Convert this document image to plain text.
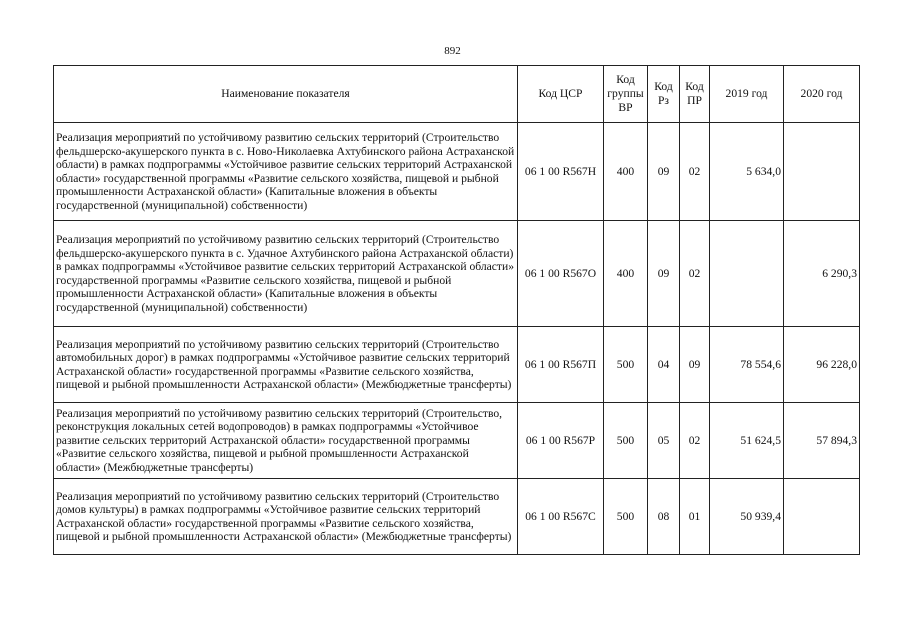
892
Наименование показателя	Код ЦСР	Код группы ВР	Код Рз	Код ПР	2019 год	2020 год
Реализация мероприятий по устойчивому развитию сельских территорий (Строительство фельдшерско-акушерского пункта в с. Ново-Николаевка Ахтубинского района Астраханской области) в рамках подпрограммы «Устойчивое развитие сельских территорий Астраханской области» государственной программы «Развитие сельского хозяйства, пищевой и рыбной промышленности Астраханской области» (Капитальные вложения в объекты государственной (муниципальной) собственности)	06 1 00 R567Н	400	09	02	5 634,0	
Реализация мероприятий по устойчивому развитию сельских территорий (Строительство фельдшерско-акушерского пункта в с. Удачное Ахтубинского района Астраханской области) в рамках подпрограммы «Устойчивое развитие сельских территорий Астраханской области» государственной программы «Развитие сельского хозяйства, пищевой и рыбной промышленности Астраханской области» (Капитальные вложения в объекты государственной (муниципальной) собственности)	06 1 00 R567О	400	09	02		6 290,3
Реализация мероприятий по устойчивому развитию сельских территорий (Строительство автомобильных дорог) в рамках подпрограммы «Устойчивое развитие сельских территорий Астраханской области» государственной программы «Развитие сельского хозяйства, пищевой и рыбной промышленности Астраханской области» (Межбюджетные трансферты)	06 1 00 R567П	500	04	09	78 554,6	96 228,0
Реализация мероприятий по устойчивому развитию сельских территорий (Строительство, реконструкция локальных сетей водопроводов) в рамках подпрограммы «Устойчивое развитие сельских территорий Астраханской области» государственной программы «Развитие сельского хозяйства, пищевой и рыбной промышленности Астраханской области» (Межбюджетные трансферты)	06 1 00 R567Р	500	05	02	51 624,5	57 894,3
Реализация мероприятий по устойчивому развитию сельских территорий (Строительство домов культуры) в рамках подпрограммы «Устойчивое развитие сельских территорий Астраханской области» государственной программы «Развитие сельского хозяйства, пищевой и рыбной промышленности Астраханской области» (Межбюджетные трансферты)	06 1 00 R567С	500	08	01	50 939,4	
